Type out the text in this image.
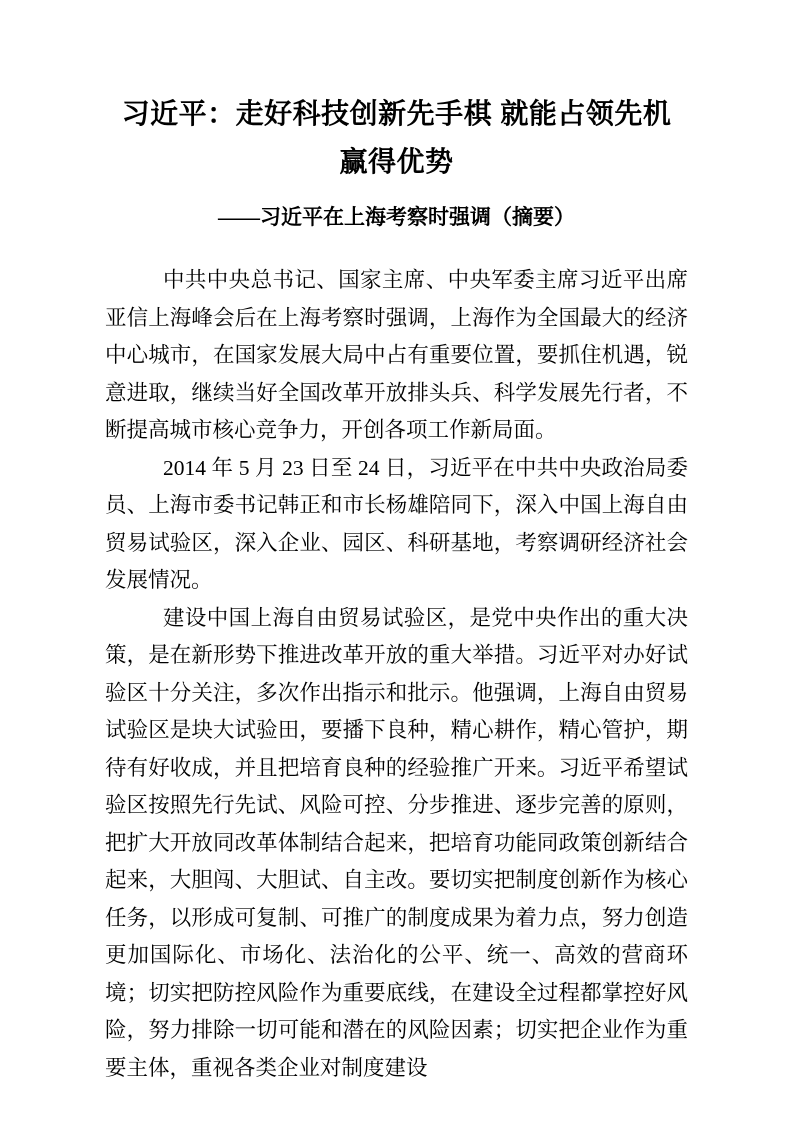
习近平：走好科技创新先手棋 就能占领先机赢得优势
——习近平在上海考察时强调（摘要）

中共中央总书记、国家主席、中央军委主席习近平出席亚信上海峰会后在上海考察时强调，上海作为全国最大的经济中心城市，在国家发展大局中占有重要位置，要抓住机遇，锐意进取，继续当好全国改革开放排头兵、科学发展先行者，不断提高城市核心竞争力，开创各项工作新局面。

2014 年 5 月 23 日至 24 日，习近平在中共中央政治局委员、上海市委书记韩正和市长杨雄陪同下，深入中国上海自由贸易试验区，深入企业、园区、科研基地，考察调研经济社会发展情况。

建设中国上海自由贸易试验区，是党中央作出的重大决策，是在新形势下推进改革开放的重大举措。习近平对办好试验区十分关注，多次作出指示和批示。他强调，上海自由贸易试验区是块大试验田，要播下良种，精心耕作，精心管护，期待有好收成，并且把培育良种的经验推广开来。习近平希望试验区按照先行先试、风险可控、分步推进、逐步完善的原则，把扩大开放同改革体制结合起来，把培育功能同政策创新结合起来，大胆闯、大胆试、自主改。要切实把制度创新作为核心任务，以形成可复制、可推广的制度成果为着力点，努力创造更加国际化、市场化、法治化的公平、统一、高效的营商环境；切实把防控风险作为重要底线，在建设全过程都掌控好风险，努力排除一切可能和潜在的风险因素；切实把企业作为重要主体，重视各类企业对制度建设
